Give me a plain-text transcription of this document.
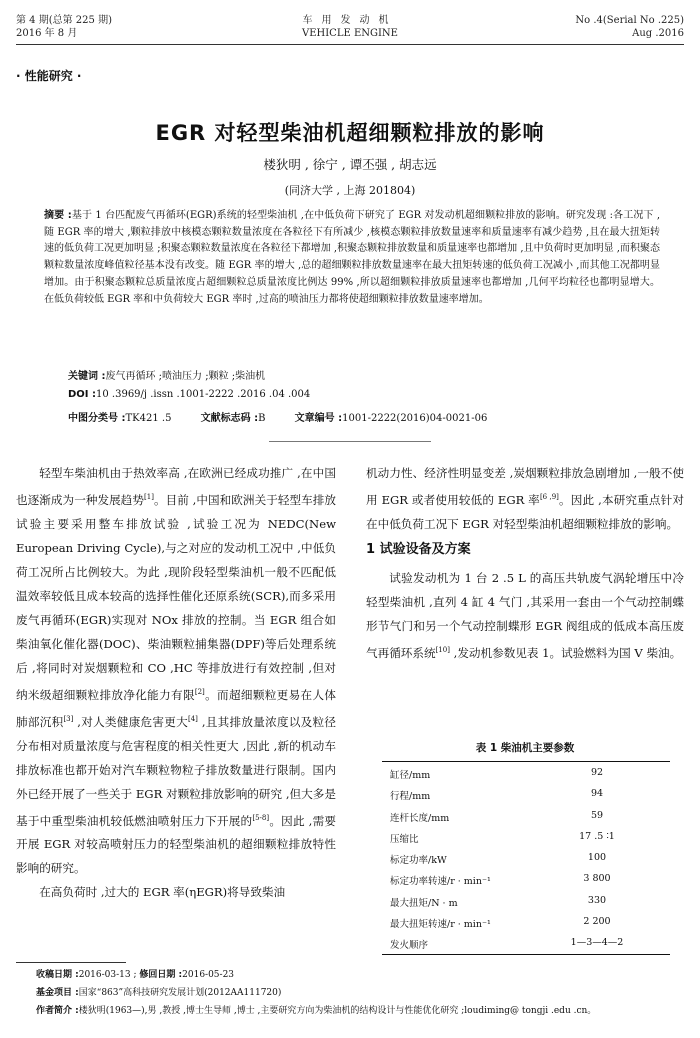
第 4 期(总第 225 期)
2016 年 8 月
车用发动机
VEHICLE ENGINE
No .4(Serial No .225)
Aug .2016
· 性能研究 ·
EGR 对轻型柴油机超细颗粒排放的影响
楼狄明 , 徐宁 , 谭丕强 , 胡志远
(同济大学 , 上海 201804)
摘要 :基于 1 台匹配废气再循环(EGR)系统的轻型柴油机 ,在中低负荷下研究了 EGR 对发动机超细颗粒排放的影响。研究发现 :各工况下 ,随 EGR 率的增大 ,颗粒排放中核模态颗粒数量浓度在各粒径下有所减少 ,核模态颗粒排放数量速率和质量速率有减少趋势 ,且在最大扭矩转速的低负荷工况更加明显 ;积聚态颗粒数量浓度在各粒径下都增加 ,积聚态颗粒排放数量和质量速率也都增加 ,且中负荷时更加明显 ,而积聚态颗粒数量浓度峰值粒径基本没有改变。随 EGR 率的增大 ,总的超细颗粒排放数量速率在最大扭矩转速的低负荷工况减小 ,而其他工况都明显增加。由于积聚态颗粒总质量浓度占超细颗粒总质量浓度比例达 99% ,所以超细颗粒排放质量速率也都增加 ,几何平均粒径也都明显增大。在低负荷较低 EGR 率和中负荷较大 EGR 率时 ,过高的喷油压力都将使超细颗粒排放数量速率增加。
关键词 :废气再循环 ;喷油压力 ;颗粒 ;柴油机
DOI :10 .3969/j .issn .1001-2222 .2016 .04 .004
中图分类号 :TK421 .5	文献标志码 :B	文章编号 :1001-2222(2016)04-0021-06

轻型车柴油机由于热效率高 ,在欧洲已经成功推广 ,在中国也逐渐成为一种发展趋势[1]。目前 ,中国和欧洲关于轻型车排放试验主要采用整车排放试验 ,试验工况为 NEDC(New European Driving Cycle),与之对应的发动机工况中 ,中低负荷工况所占比例较大。为此 ,现阶段轻型柴油机一般不匹配低温效率较低且成本较高的选择性催化还原系统(SCR),而多采用废气再循环(EGR)实现对 NOx 排放的控制。当 EGR 组合如柴油氧化催化器(DOC)、柴油颗粒捕集器(DPF)等后处理系统后 ,将同时对炭烟颗粒和 CO ,HC 等排放进行有效控制 ,但对纳米级超细颗粒排放净化能力有限[2]。而超细颗粒更易在人体肺部沉积[3] ,对人类健康危害更大[4] ,且其排放量浓度以及粒径分布相对质量浓度与危害程度的相关性更大 ,因此 ,新的机动车排放标准也都开始对汽车颗粒物粒子排放数量进行限制。国内外已经开展了一些关于 EGR 对颗粒排放影响的研究 ,但大多是基于中重型柴油机较低燃油喷射压力下开展的[5-8]。因此 ,需要开展 EGR 对较高喷射压力的轻型柴油机的超细颗粒排放特性影响的研究。

在高负荷时 ,过大的 EGR 率(ηEGR)将导致柴油

机动力性、经济性明显变差 ,炭烟颗粒排放急剧增加 ,一般不使用 EGR 或者使用较低的 EGR 率[6 ,9]。因此 ,本研究重点针对在中低负荷工况下 EGR 对轻型柴油机超细颗粒排放的影响。

1 试验设备及方案

试验发动机为 1 台 2 .5 L 的高压共轨废气涡轮增压中冷轻型柴油机 ,直列 4 缸 4 气门 ,其采用一套由一个气动控制蝶形节气门和另一个气动控制蝶形 EGR 阀组成的低成本高压废气再循环系统[10] ,发动机参数见表 1。试验燃料为国 Ⅴ 柴油。

表 1 柴油机主要参数
缸径/mm	92
行程/mm	94
连杆长度/mm	59
压缩比	17 .5 ∶1
标定功率/kW	100
标定功率转速/r · min⁻¹	3 800
最大扭矩/N · m	330
最大扭矩转速/r · min⁻¹	2 200
发火顺序	1—3—4—2
收稿日期 :2016-03-13 ; 修回日期 :2016-05-23
基金项目 :国家“863”高科技研究发展计划(2012AA111720)
作者简介 :楼狄明(1963—),男 ,教授 ,博士生导师 ,博士 ,主要研究方向为柴油机的结构设计与性能优化研究 ;loudiming@ tongji .edu .cn。
